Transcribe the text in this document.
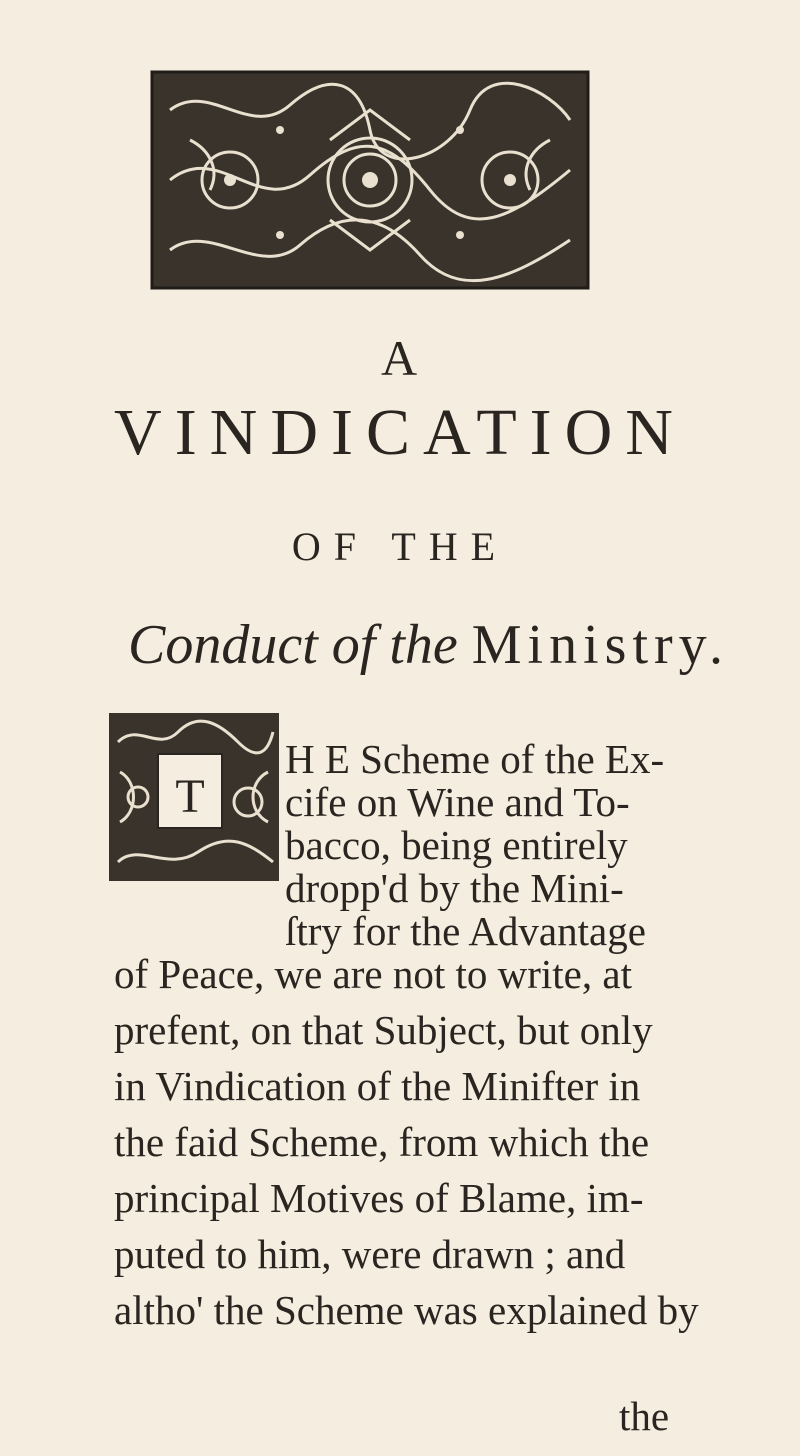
A
VINDICATION
OF THE
Conduct of the Ministry.
T
H E Scheme of the Ex-
cife on Wine and To-
bacco, being entirely
dropp'd by the Mini-
ſtry for the Advantage
of Peace, we are not to write, at
prefent, on that Subject, but only
in Vindication of the Minifter in
the faid Scheme, from which the
principal Motives of Blame, im-
puted to him, were drawn ; and
altho' the Scheme was explained by
the
